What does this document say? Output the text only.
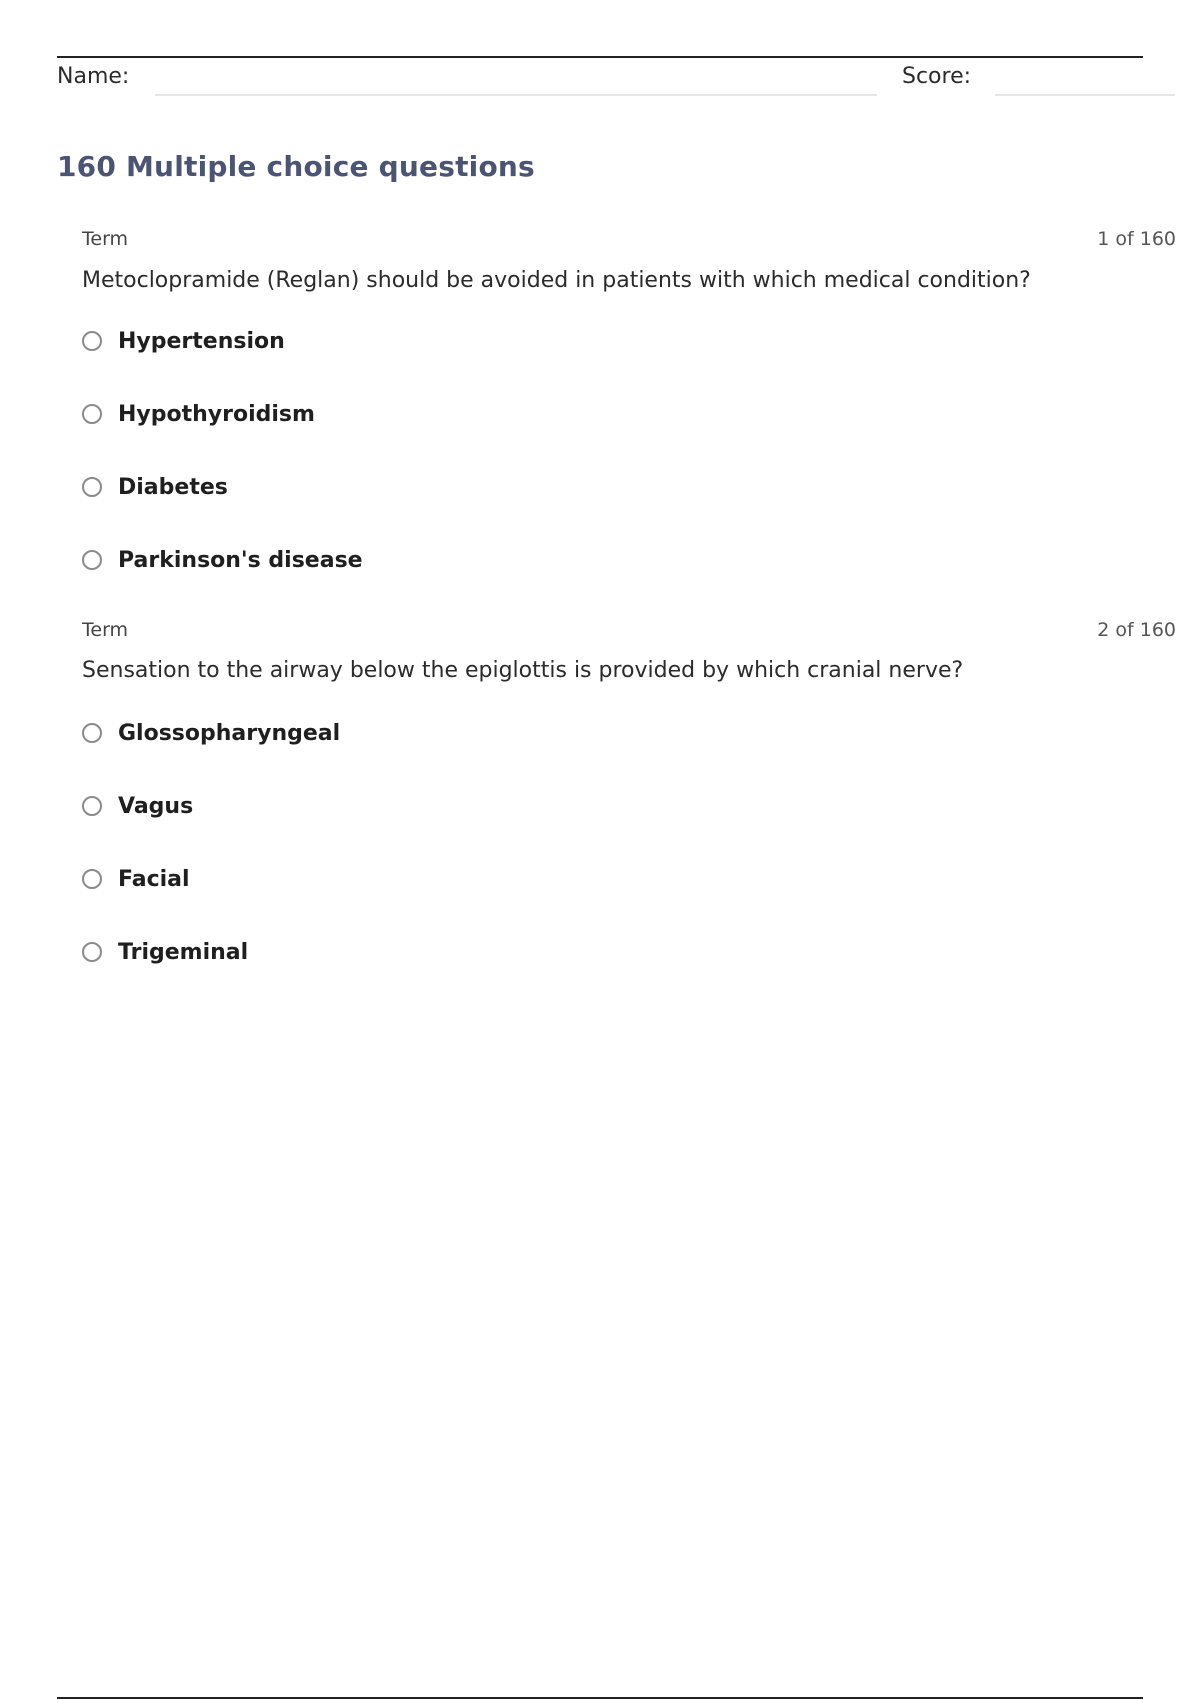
Name:	Score:
160 Multiple choice questions
Term	1 of 160
Metoclopramide (Reglan) should be avoided in patients with which medical condition?
Hypertension
Hypothyroidism
Diabetes
Parkinson's disease
Term	2 of 160
Sensation to the airway below the epiglottis is provided by which cranial nerve?
Glossopharyngeal
Vagus
Facial
Trigeminal
